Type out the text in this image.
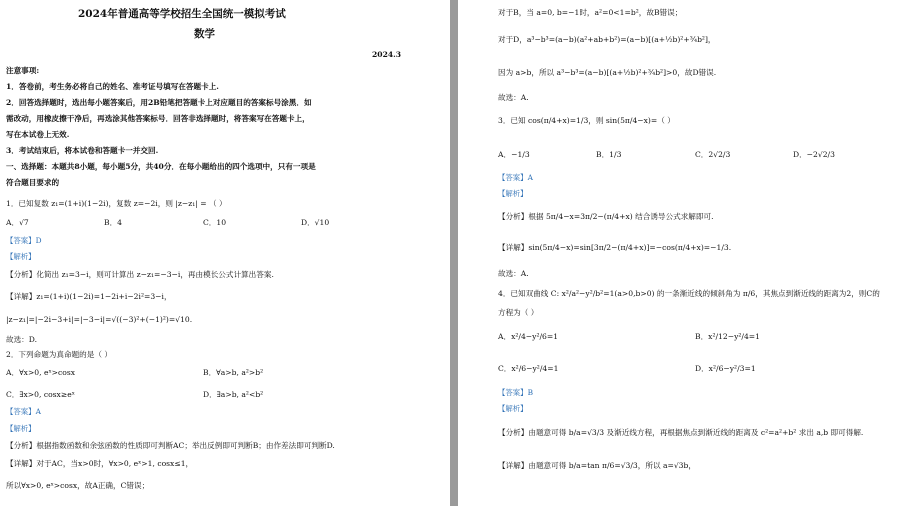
2024年普通高等学校招生全国统一模拟考试
数学
2024.3
注意事项:
1．答卷前，考生务必将自己的姓名、准考证号填写在答题卡上.
2．回答选择题时，选出每小题答案后，用2B铅笔把答题卡上对应题目的答案标号涂黑．如
需改动，用橡皮擦干净后，再选涂其他答案标号．回答非选择题时，将答案写在答题卡上，
写在本试卷上无效.
3．考试结束后，将本试卷和答题卡一并交回.
一、选择题：本题共8小题，每小题5分，共40分．在每小题给出的四个选项中，只有一项是
符合题目要求的
1．已知复数 z₁=(1+i)(1−2i)，复数 z=−2i，则 |z−z₁| = （ ）
A．√7	B．4	C．10	D．√10
【答案】D
【解析】
【分析】化简出 z₁=3−i，则可计算出 z−z₁=−3−i，再由模长公式计算出答案.
【详解】z₁=(1+i)(1−2i)=1−2i+i−2i²=3−i，
|z−z₁|=|−2i−3+i|=|−3−i|=√((−3)²+(−1)²)=√10.
故选：D.
2．下列命题为真命题的是（ ）
A．∀x>0, eˣ>cosx	B．∀a>b, a²>b²
C．∃x>0, cosx≥eˣ	D．∃a>b, a²<b²
【答案】A
【解析】
【分析】根据指数函数和余弦函数的性质即可判断AC；举出反例即可判断B；由作差法即可判断D.
【详解】对于AC，当x>0时，∀x>0, eˣ>1, cosx≤1，
所以∀x>0, eˣ>cosx，故A正确，C错误；
对于B，当 a=0, b=−1时，a²=0<1=b²，故B错误；
对于D，a³−b³=(a−b)(a²+ab+b²)=(a−b)[(a+½b)²+¾b²]，
因为 a>b，所以 a³−b³=(a−b)[(a+½b)²+¾b²]>0，故D错误.
故选：A.
3．已知 cos(π/4+x)=1/3，则 sin(5π/4−x)=（ ）
A．−1/3	B．1/3	C．2√2/3	D．−2√2/3
【答案】A
【解析】
【分析】根据 5π/4−x=3π/2−(π/4+x) 结合诱导公式求解即可.
【详解】sin(5π/4−x)=sin[3π/2−(π/4+x)]=−cos(π/4+x)=−1/3.
故选：A.
4．已知双曲线 C: x²/a²−y²/b²=1(a>0,b>0) 的一条渐近线的倾斜角为 π/6，其焦点到渐近线的距离为2，则C的
方程为（ ）
A．x²/4−y²/6=1	B．x²/12−y²/4=1
C．x²/6−y²/4=1	D．x²/6−y²/3=1
【答案】B
【解析】
【分析】由题意可得 b/a=√3/3 及渐近线方程，再根据焦点到渐近线的距离及 c²=a²+b² 求出 a,b 即可得解.
【详解】由题意可得 b/a=tan π/6=√3/3，所以 a=√3b，
